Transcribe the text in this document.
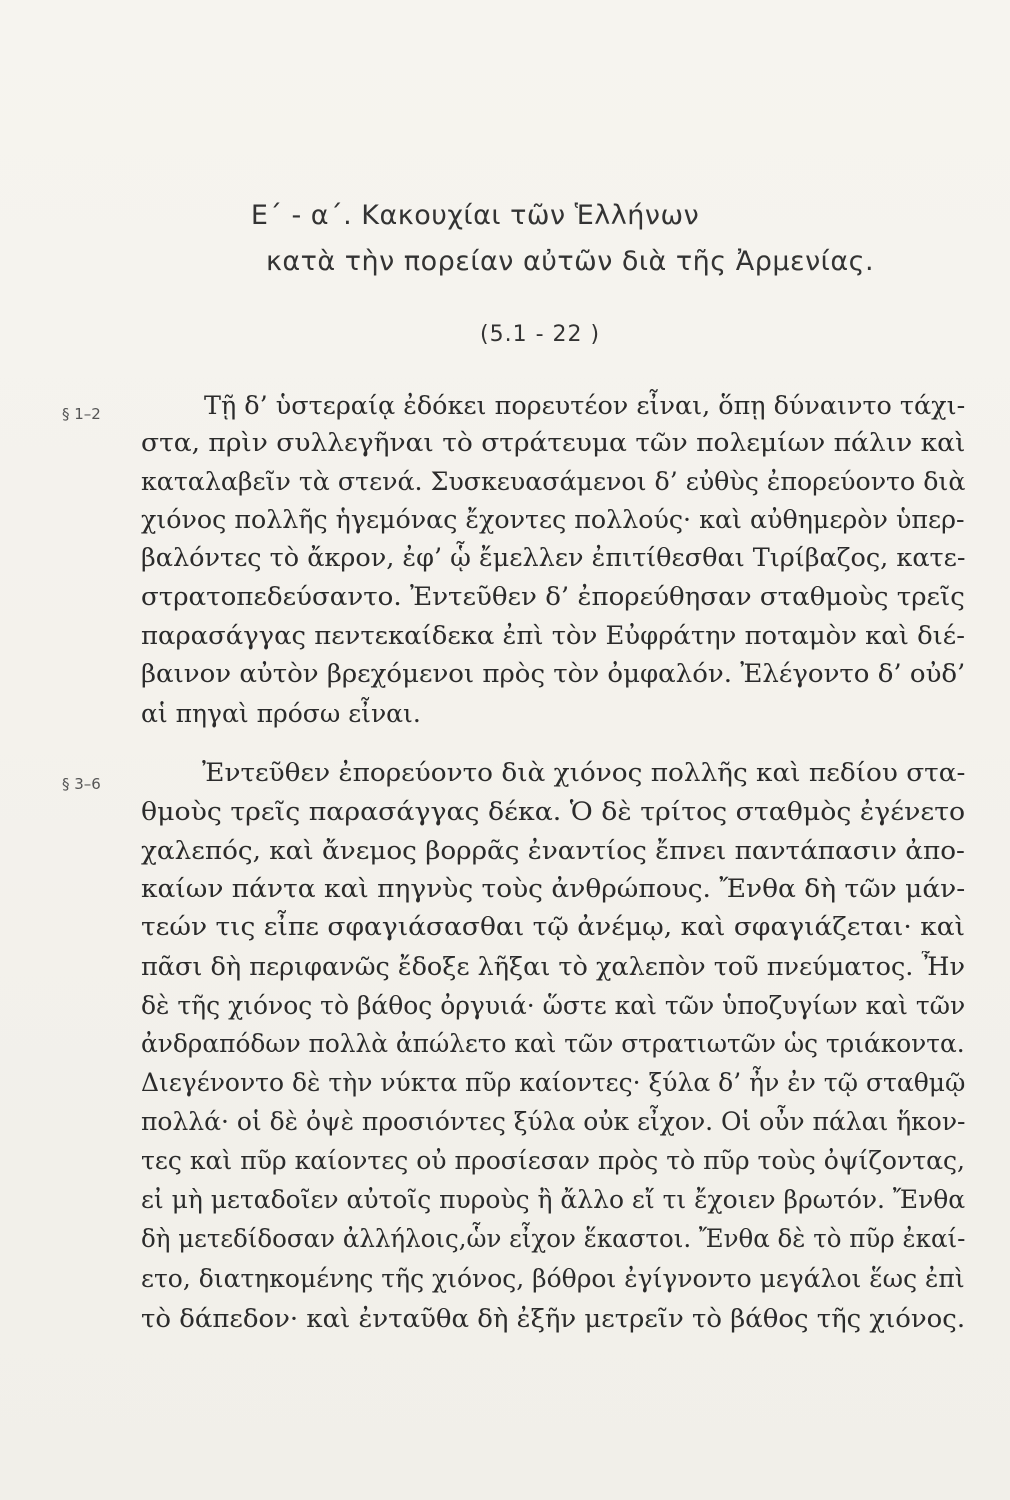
Ε΄ - α΄. Κακουχίαι τῶν Ἑλλήνων
κατὰ τὴν πορείαν αὐτῶν διὰ τῆς Ἀρμενίας.
(5.1 - 22 )
§ 1–2
§ 3–6
Τῇ δ’ ὑστεραίᾳ ἐδόκει πορευτέον εἶναι, ὅπῃ δύναιντο τάχι-
στα, πρὶν συλλεγῆναι τὸ στράτευμα τῶν πολεμίων πάλιν καὶ
καταλαβεῖν τὰ στενά. Συσκευασάμενοι δ’ εὐθὺς ἐπορεύοντο διὰ
χιόνος πολλῆς ἡγεμόνας ἔχοντες πολλούς· καὶ αὐθημερὸν ὑπερ-
βαλόντες τὸ ἄκρον, ἐφ’ ᾧ ἔμελλεν ἐπιτίθεσθαι Τιρίβαζος, κατε-
στρατοπεδεύσαντο. Ἐντεῦθεν δ’ ἐπορεύθησαν σταθμοὺς τρεῖς
παρασάγγας πεντεκαίδεκα ἐπὶ τὸν Εὐφράτην ποταμὸν καὶ διέ-
βαινον αὐτὸν βρεχόμενοι πρὸς τὸν ὀμφαλόν. Ἐλέγοντο δ’ οὐδ’
αἱ πηγαὶ πρόσω εἶναι.
Ἐντεῦθεν ἐπορεύοντο διὰ χιόνος πολλῆς καὶ πεδίου στα-
θμοὺς τρεῖς παρασάγγας δέκα. Ὁ δὲ τρίτος σταθμὸς ἐγένετο
χαλεπός, καὶ ἄνεμος βορρᾶς ἐναντίος ἔπνει παντάπασιν ἀπο-
καίων πάντα καὶ πηγνὺς τοὺς ἀνθρώπους. Ἔνθα δὴ τῶν μάν-
τεών τις εἶπε σφαγιάσασθαι τῷ ἀνέμῳ, καὶ σφαγιάζεται· καὶ
πᾶσι δὴ περιφανῶς ἔδοξε λῆξαι τὸ χαλεπὸν τοῦ πνεύματος. Ἦν
δὲ τῆς χιόνος τὸ βάθος ὀργυιά· ὥστε καὶ τῶν ὑποζυγίων καὶ τῶν
ἀνδραπόδων πολλὰ ἀπώλετο καὶ τῶν στρατιωτῶν ὡς τριάκοντα.
Διεγένοντο δὲ τὴν νύκτα πῦρ καίοντες· ξύλα δ’ ἦν ἐν τῷ σταθμῷ
πολλά· οἱ δὲ ὀψὲ προσιόντες ξύλα οὐκ εἶχον. Οἱ οὖν πάλαι ἥκον-
τες καὶ πῦρ καίοντες οὐ προσίεσαν πρὸς τὸ πῦρ τοὺς ὀψίζοντας,
εἰ μὴ μεταδοῖεν αὐτοῖς πυροὺς ἢ ἄλλο εἴ τι ἔχοιεν βρωτόν. Ἔνθα
δὴ μετεδίδοσαν ἀλλήλοις,ὧν εἶχον ἕκαστοι. Ἔνθα δὲ τὸ πῦρ ἐκαί-
ετο, διατηκομένης τῆς χιόνος, βόθροι ἐγίγνοντο μεγάλοι ἕως ἐπὶ
τὸ δάπεδον· καὶ ἐνταῦθα δὴ ἐξῆν μετρεῖν τὸ βάθος τῆς χιόνος.
